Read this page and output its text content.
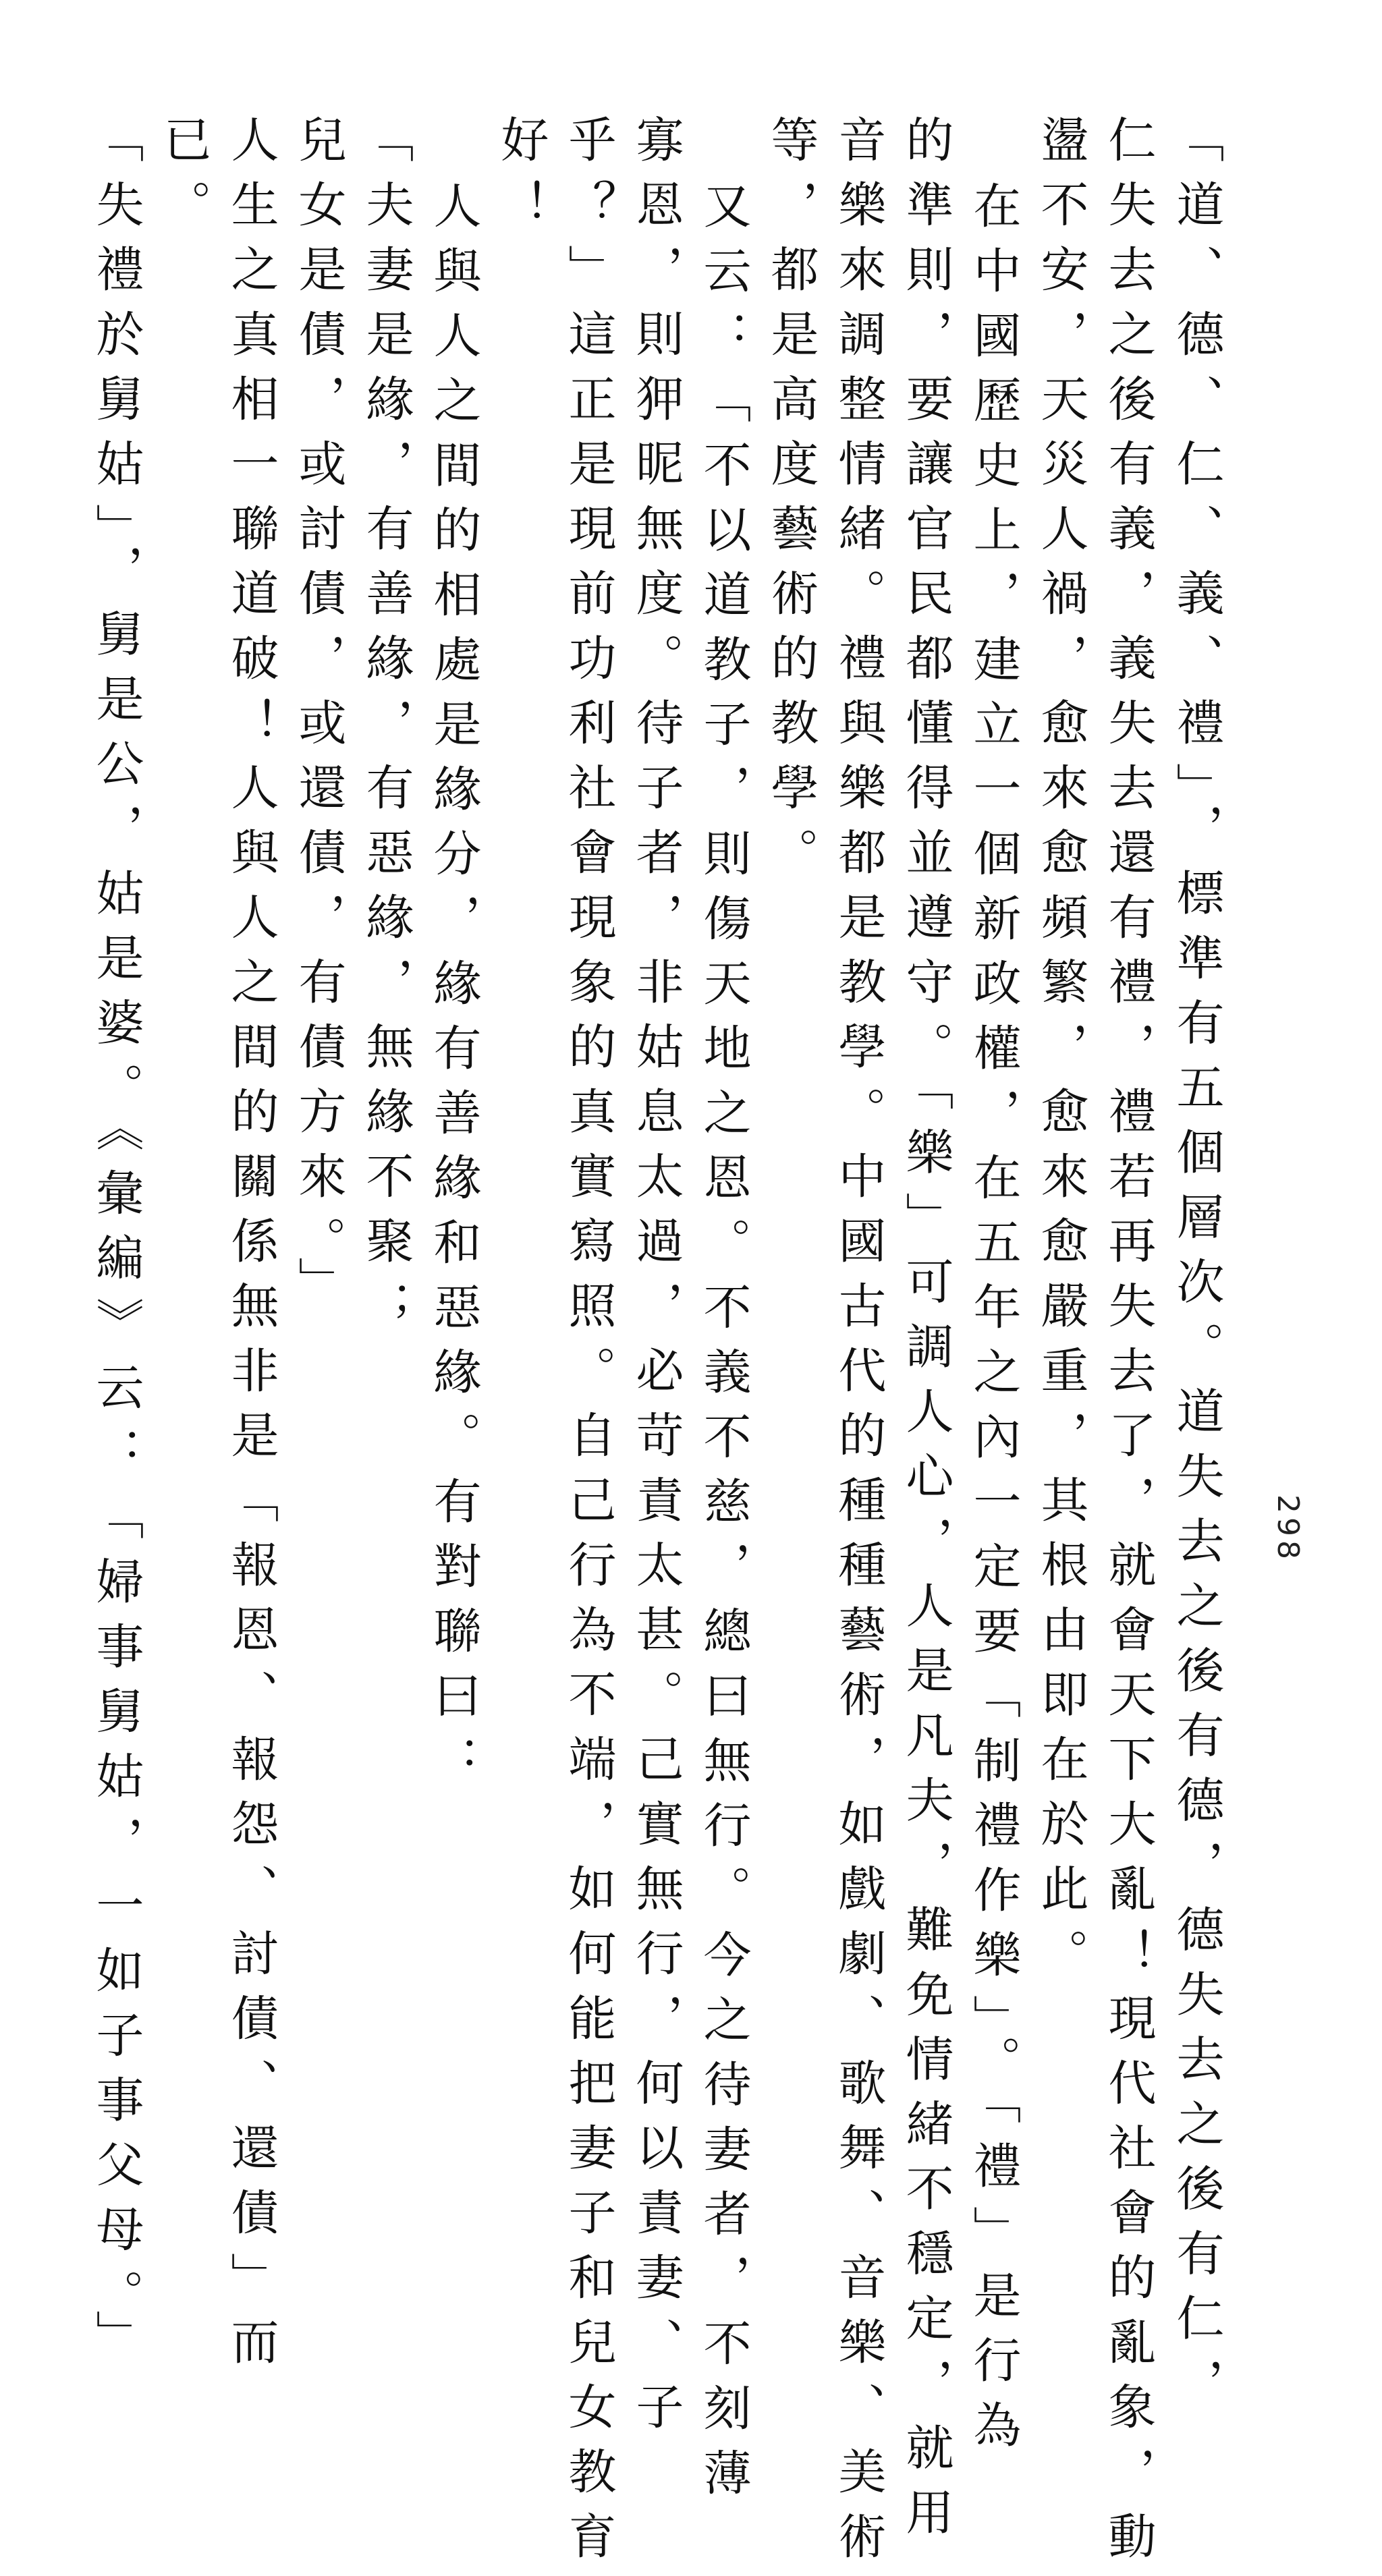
298

「道、德、仁、義、禮」，標準有五個層次。道失去之後有德，德失去之後有仁，

仁失去之後有義，義失去還有禮，禮若再失去了，就會天下大亂！現代社會的亂象，動

盪不安，天災人禍，愈來愈頻繁，愈來愈嚴重，其根由即在於此。

在中國歷史上，建立一個新政權，在五年之內一定要「制禮作樂」。「禮」是行為

的準則，要讓官民都懂得並遵守。「樂」可調人心，人是凡夫，難免情緒不穩定，就用

音樂來調整情緒。禮與樂都是教學。中國古代的種種藝術，如戲劇、歌舞、音樂、美術

等，都是高度藝術的教學。

又云：「不以道教子，則傷天地之恩。不義不慈，總曰無行。今之待妻者，不刻薄

寡恩，則狎昵無度。待子者，非姑息太過，必苛責太甚。己實無行，何以責妻、子

乎？」這正是現前功利社會現象的真實寫照。自己行為不端，如何能把妻子和兒女教育

好！

人與人之間的相處是緣分，緣有善緣和惡緣。有對聯曰：

「夫妻是緣，有善緣，有惡緣，無緣不聚；

兒女是債，或討債，或還債，有債方來。」

人生之真相一聯道破！人與人之間的關係無非是「報恩、報怨、討債、還債」而

已。

「失禮於舅姑」，舅是公，姑是婆。《彙編》云：「婦事舅姑，一如子事父母。」
